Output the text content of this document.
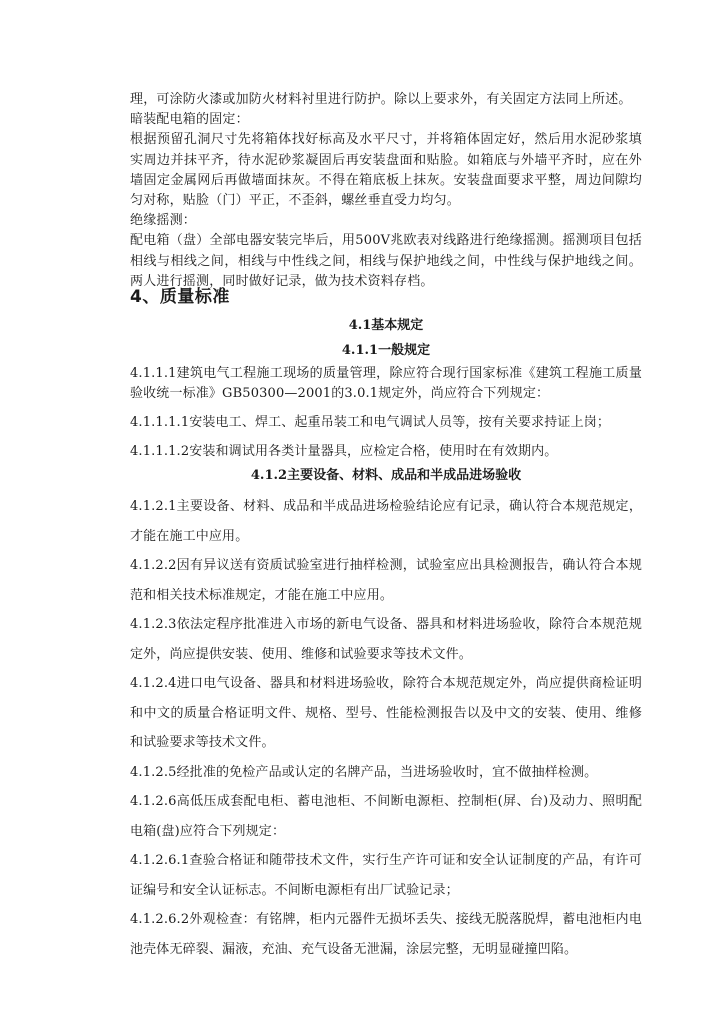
理，可涂防火漆或加防火材料衬里进行防护。除以上要求外，有关固定方法同上所述。

暗装配电箱的固定：

根据预留孔洞尺寸先将箱体找好标高及水平尺寸，并将箱体固定好，然后用水泥砂浆填实周边并抹平齐，待水泥砂浆凝固后再安装盘面和贴脸。如箱底与外墙平齐时，应在外墙固定金属网后再做墙面抹灰。不得在箱底板上抹灰。安装盘面要求平整，周边间隙均匀对称，贴脸（门）平正，不歪斜，螺丝垂直受力均匀。

绝缘摇测：

配电箱（盘）全部电器安装完毕后，用500V兆欧表对线路进行绝缘摇测。摇测项目包括相线与相线之间，相线与中性线之间，相线与保护地线之间，中性线与保护地线之间。两人进行摇测，同时做好记录，做为技术资料存档。

4、质量标准
4.1基本规定
4.1.1一般规定

4.1.1.1建筑电气工程施工现场的质量管理，除应符合现行国家标准《建筑工程施工质量验收统一标准》GB50300—2001的3.0.1规定外，尚应符合下列规定：

4.1.1.1.1安装电工、焊工、起重吊装工和电气调试人员等，按有关要求持证上岗；

4.1.1.1.2安装和调试用各类计量器具，应检定合格，使用时在有效期内。

4.1.2主要设备、材料、成品和半成品进场验收

4.1.2.1主要设备、材料、成品和半成品进场检验结论应有记录，确认符合本规范规定，才能在施工中应用。

4.1.2.2因有异议送有资质试验室进行抽样检测，试验室应出具检测报告，确认符合本规范和相关技术标准规定，才能在施工中应用。

4.1.2.3依法定程序批准进入市场的新电气设备、器具和材料进场验收，除符合本规范规定外，尚应提供安装、使用、维修和试验要求等技术文件。

4.1.2.4进口电气设备、器具和材料进场验收，除符合本规范规定外，尚应提供商检证明和中文的质量合格证明文件、规格、型号、性能检测报告以及中文的安装、使用、维修和试验要求等技术文件。

4.1.2.5经批准的免检产品或认定的名牌产品，当进场验收时，宜不做抽样检测。

4.1.2.6高低压成套配电柜、蓄电池柜、不间断电源柜、控制柜(屏、台)及动力、照明配电箱(盘)应符合下列规定：

4.1.2.6.1查验合格证和随带技术文件，实行生产许可证和安全认证制度的产品，有许可证编号和安全认证标志。不间断电源柜有出厂试验记录；

4.1.2.6.2外观检查：有铭牌，柜内元器件无损坏丢失、接线无脱落脱焊，蓄电池柜内电池壳体无碎裂、漏液，充油、充气设备无泄漏，涂层完整，无明显碰撞凹陷。
